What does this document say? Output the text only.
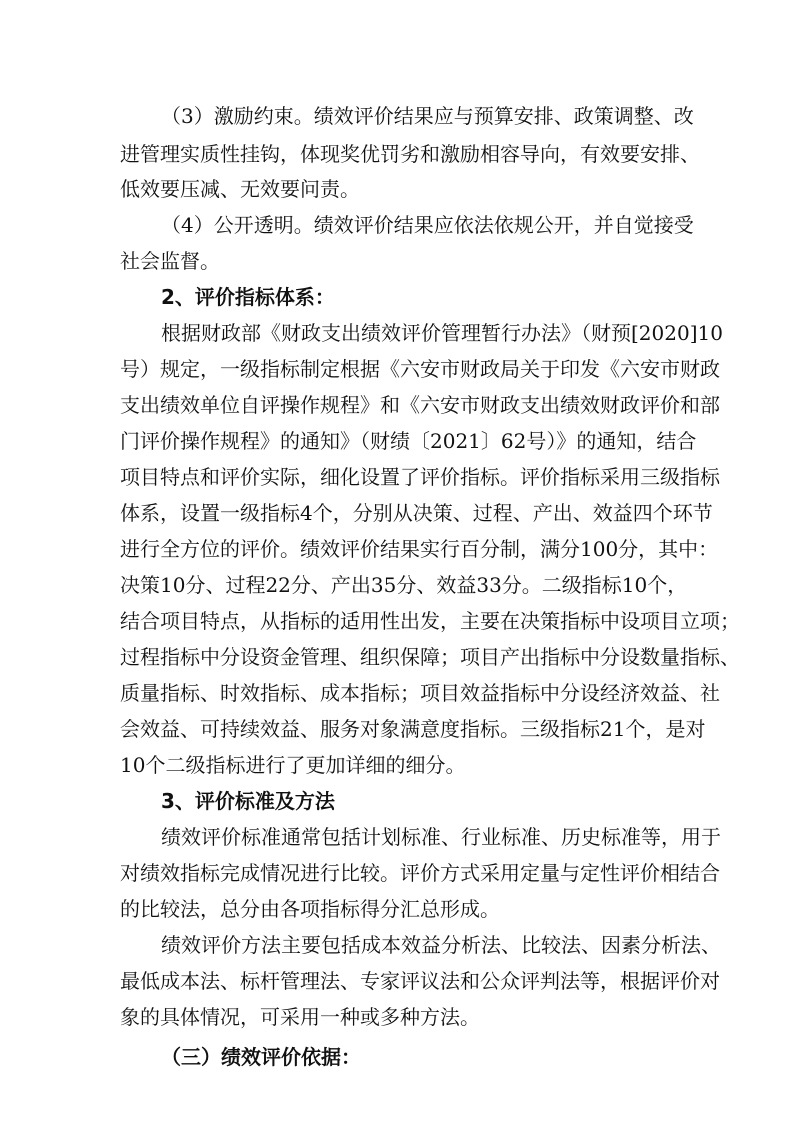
（3）激励约束。绩效评价结果应与预算安排、政策调整、改

进管理实质性挂钩，体现奖优罚劣和激励相容导向，有效要安排、

低效要压减、无效要问责。

（4）公开透明。绩效评价结果应依法依规公开，并自觉接受

社会监督。

2、评价指标体系：

根据财政部《财政支出绩效评价管理暂行办法》（财预[2020]10

号）规定，一级指标制定根据《六安市财政局关于印发《六安市财政

支出绩效单位自评操作规程》和《六安市财政支出绩效财政评价和部

门评价操作规程》的通知》（财绩〔2021〕62号）》的通知，结合

项目特点和评价实际，细化设置了评价指标。评价指标采用三级指标

体系，设置一级指标4个，分别从决策、过程、产出、效益四个环节

进行全方位的评价。绩效评价结果实行百分制，满分100分，其中：

决策10分、过程22分、产出35分、效益33分。二级指标10个，

结合项目特点，从指标的适用性出发，主要在决策指标中设项目立项；

过程指标中分设资金管理、组织保障；项目产出指标中分设数量指标、

质量指标、时效指标、成本指标；项目效益指标中分设经济效益、社

会效益、可持续效益、服务对象满意度指标。三级指标21个，是对

10个二级指标进行了更加详细的细分。

3、评价标准及方法

绩效评价标准通常包括计划标准、行业标准、历史标准等，用于

对绩效指标完成情况进行比较。评价方式采用定量与定性评价相结合

的比较法，总分由各项指标得分汇总形成。

绩效评价方法主要包括成本效益分析法、比较法、因素分析法、

最低成本法、标杆管理法、专家评议法和公众评判法等，根据评价对

象的具体情况，可采用一种或多种方法。

（三）绩效评价依据：
